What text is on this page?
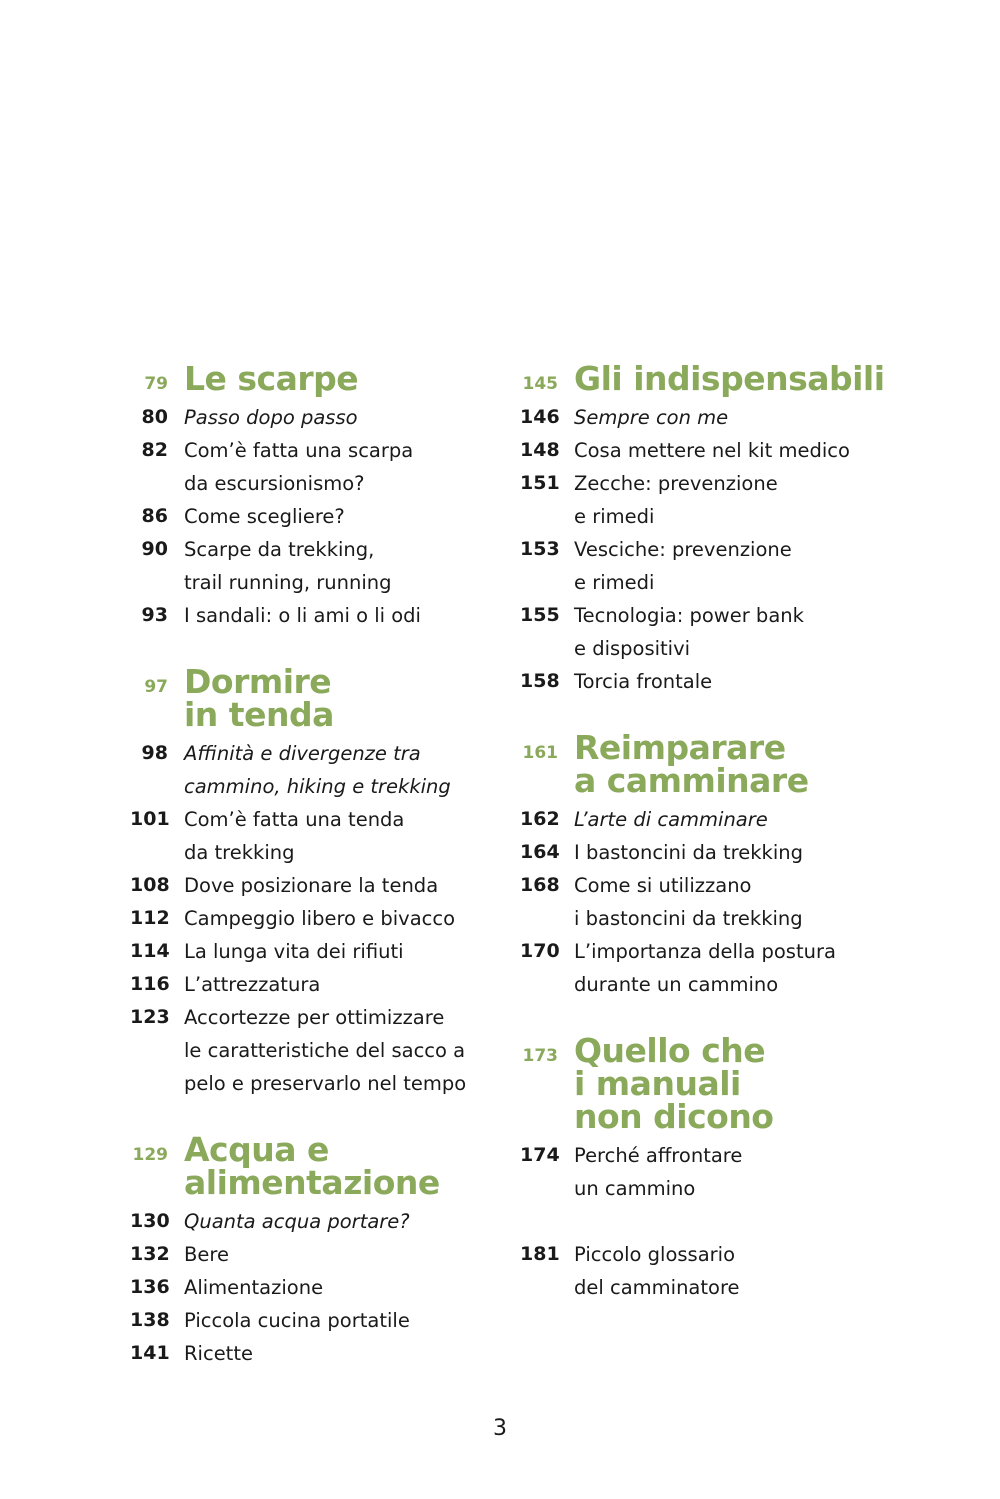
79 Le scarpe
80 Passo dopo passo
82 Com’è fatta una scarpa
da escursionismo?
86 Come scegliere?
90 Scarpe da trekking,
trail running, running
93 I sandali: o li ami o li odi
97 Dormire
in tenda
98 Affinità e divergenze tra
cammino, hiking e trekking
101 Com’è fatta una tenda
da trekking
108 Dove posizionare la tenda
112 Campeggio libero e bivacco
114 La lunga vita dei rifiuti
116 L’attrezzatura
123 Accortezze per ottimizzare
le caratteristiche del sacco a
pelo e preservarlo nel tempo
129 Acqua e
alimentazione
130 Quanta acqua portare?
132 Bere
136 Alimentazione
138 Piccola cucina portatile
141 Ricette
145 Gli indispensabili
146 Sempre con me
148 Cosa mettere nel kit medico
151 Zecche: prevenzione
e rimedi
153 Vesciche: prevenzione
e rimedi
155 Tecnologia: power bank
e dispositivi
158 Torcia frontale
161 Reimparare
a camminare
162 L’arte di camminare
164 I bastoncini da trekking
168 Come si utilizzano
i bastoncini da trekking
170 L’importanza della postura
durante un cammino
173 Quello che
i manuali
non dicono
174 Perché affrontare
un cammino
181 Piccolo glossario
del camminatore
3
